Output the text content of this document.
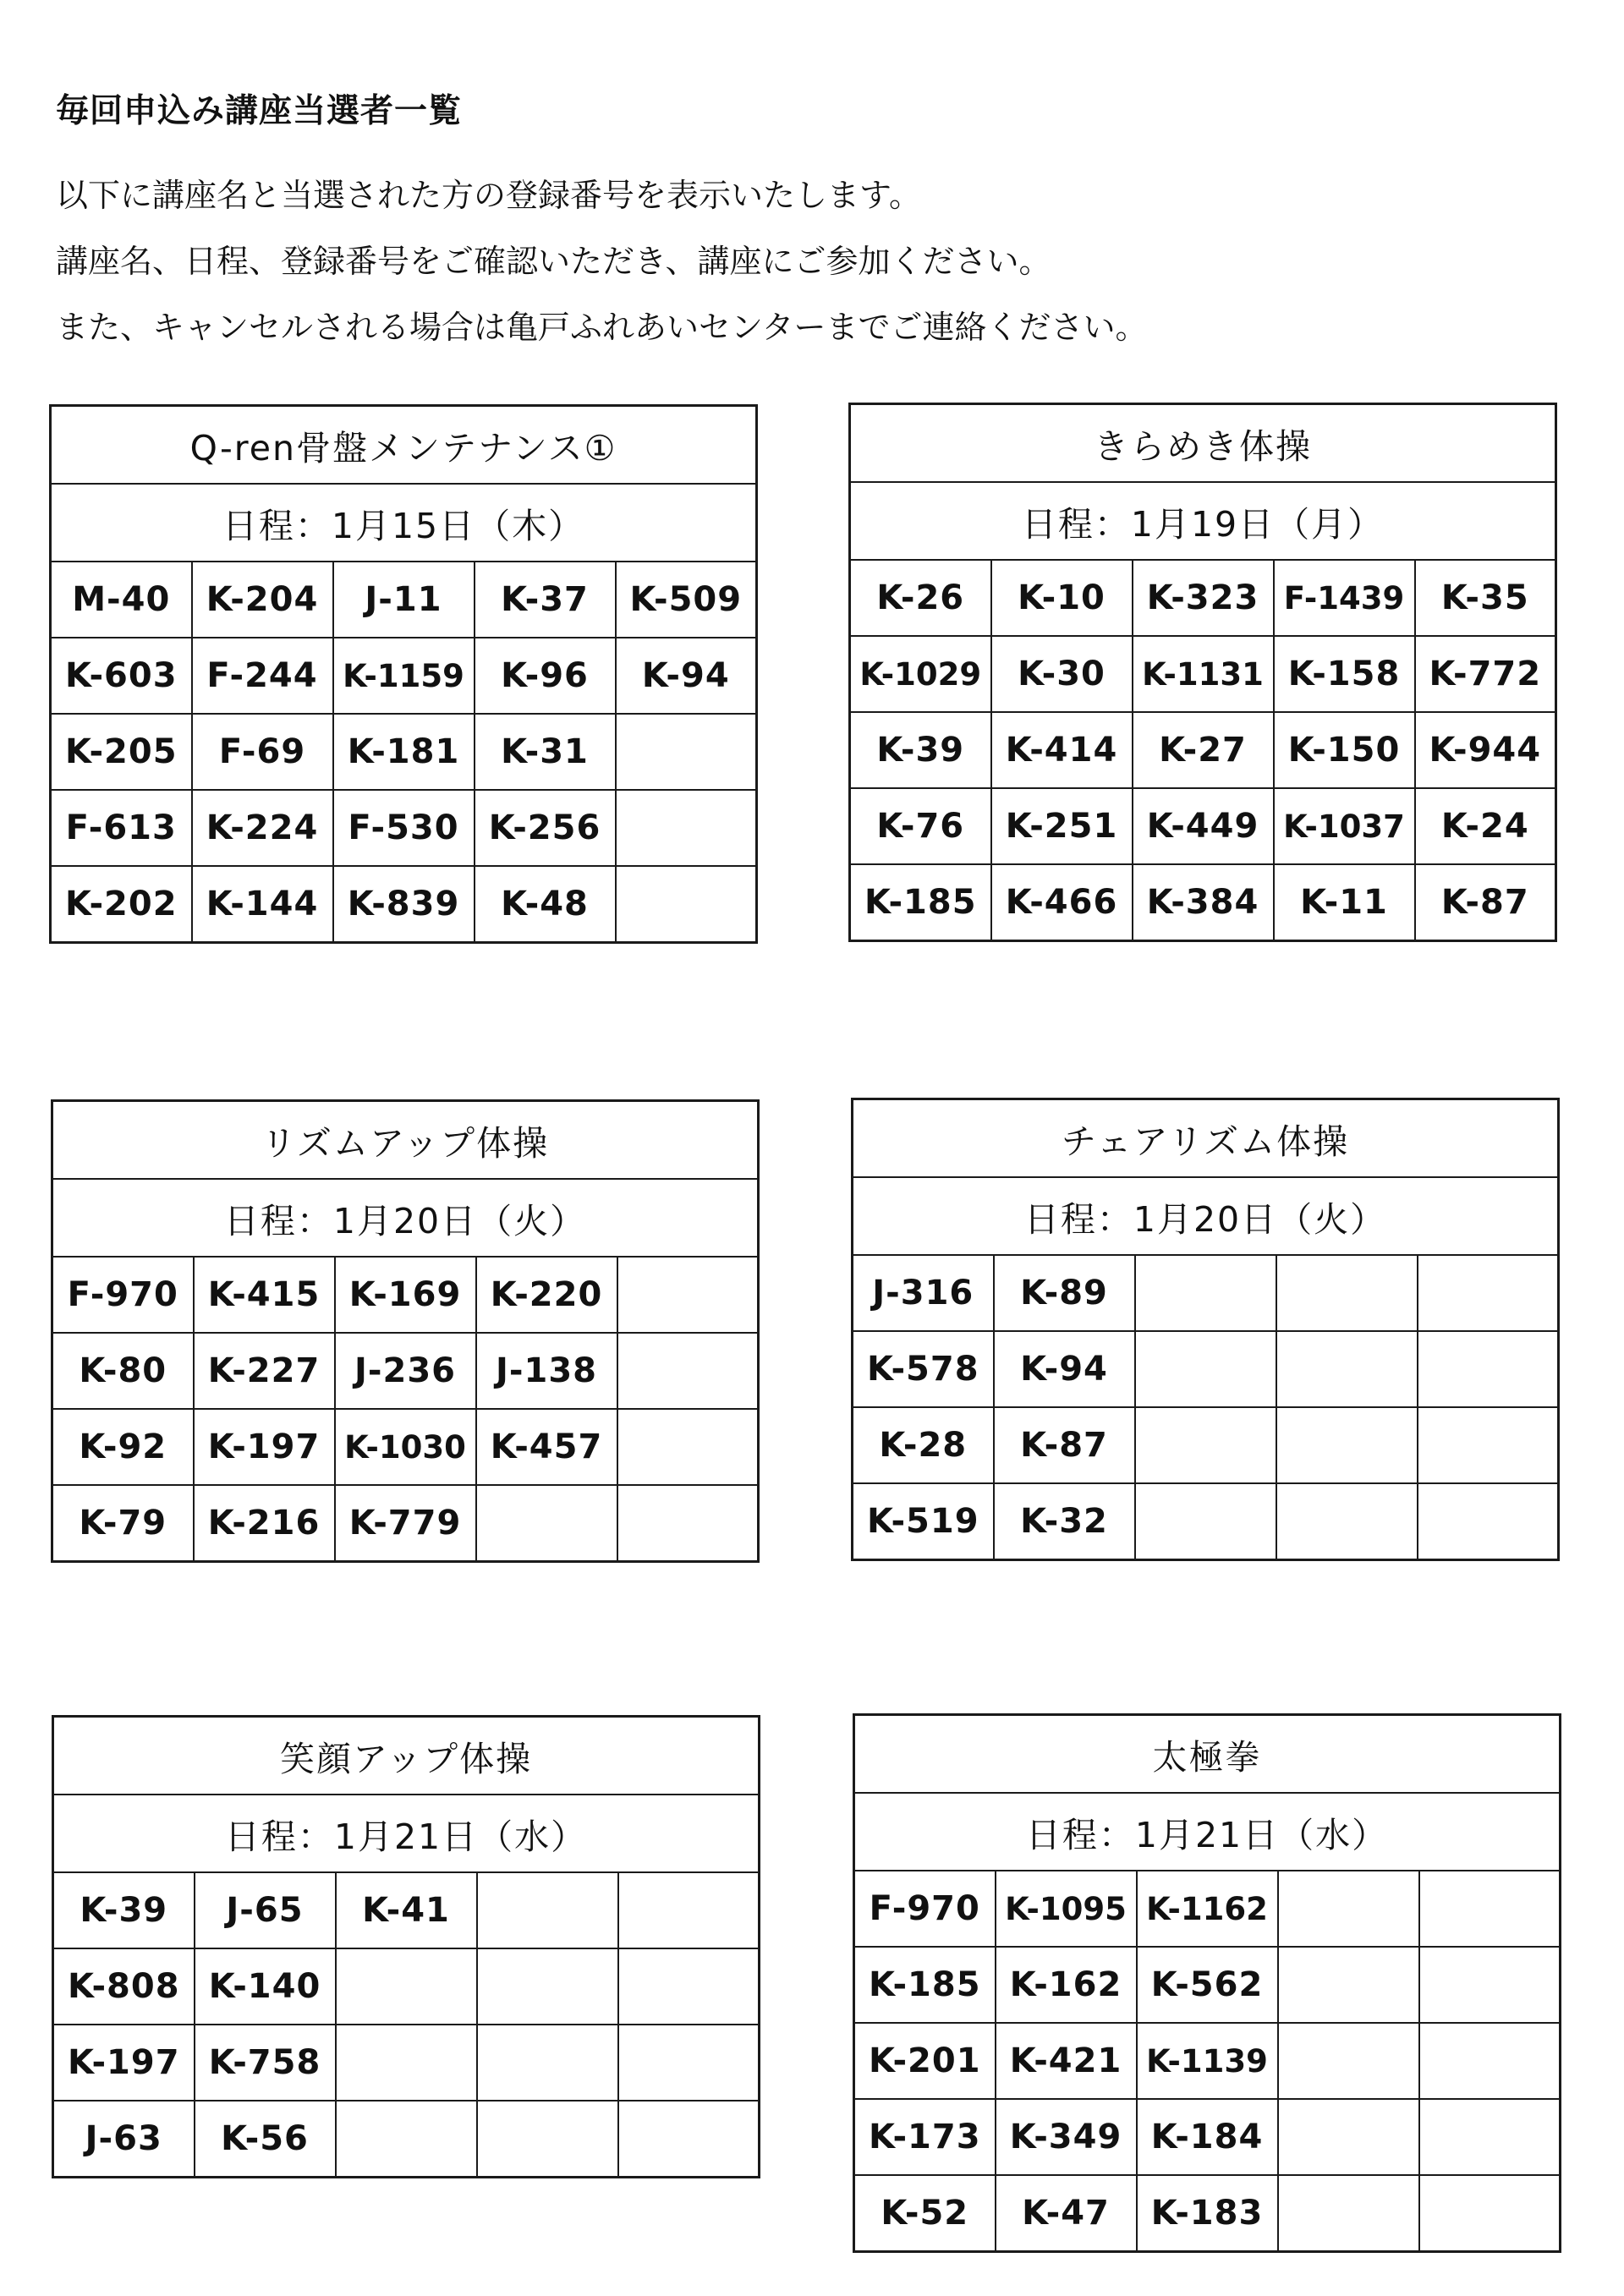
毎回申込み講座当選者一覧
以下に講座名と当選された方の登録番号を表示いたします。
講座名、日程、登録番号をご確認いただき、講座にご参加ください。
また、キャンセルされる場合は亀戸ふれあいセンターまでご連絡ください。
Q-ren骨盤メンテナンス①				
日程：1月15日（木）				
M-40	K-204	J-11	K-37	K-509
K-603	F-244	K-1159	K-96	K-94
K-205	F-69	K-181	K-31	
F-613	K-224	F-530	K-256	
K-202	K-144	K-839	K-48	
きらめき体操				
日程：1月19日（月）				
K-26	K-10	K-323	F-1439	K-35
K-1029	K-30	K-1131	K-158	K-772
K-39	K-414	K-27	K-150	K-944
K-76	K-251	K-449	K-1037	K-24
K-185	K-466	K-384	K-11	K-87
リズムアップ体操				
日程：1月20日（火）				
F-970	K-415	K-169	K-220	
K-80	K-227	J-236	J-138	
K-92	K-197	K-1030	K-457	
K-79	K-216	K-779		
チェアリズム体操				
日程：1月20日（火）				
J-316	K-89			
K-578	K-94			
K-28	K-87			
K-519	K-32			
笑顔アップ体操				
日程：1月21日（水）				
K-39	J-65	K-41		
K-808	K-140			
K-197	K-758			
J-63	K-56			
太極拳				
日程：1月21日（水）				
F-970	K-1095	K-1162		
K-185	K-162	K-562		
K-201	K-421	K-1139		
K-173	K-349	K-184		
K-52	K-47	K-183		
